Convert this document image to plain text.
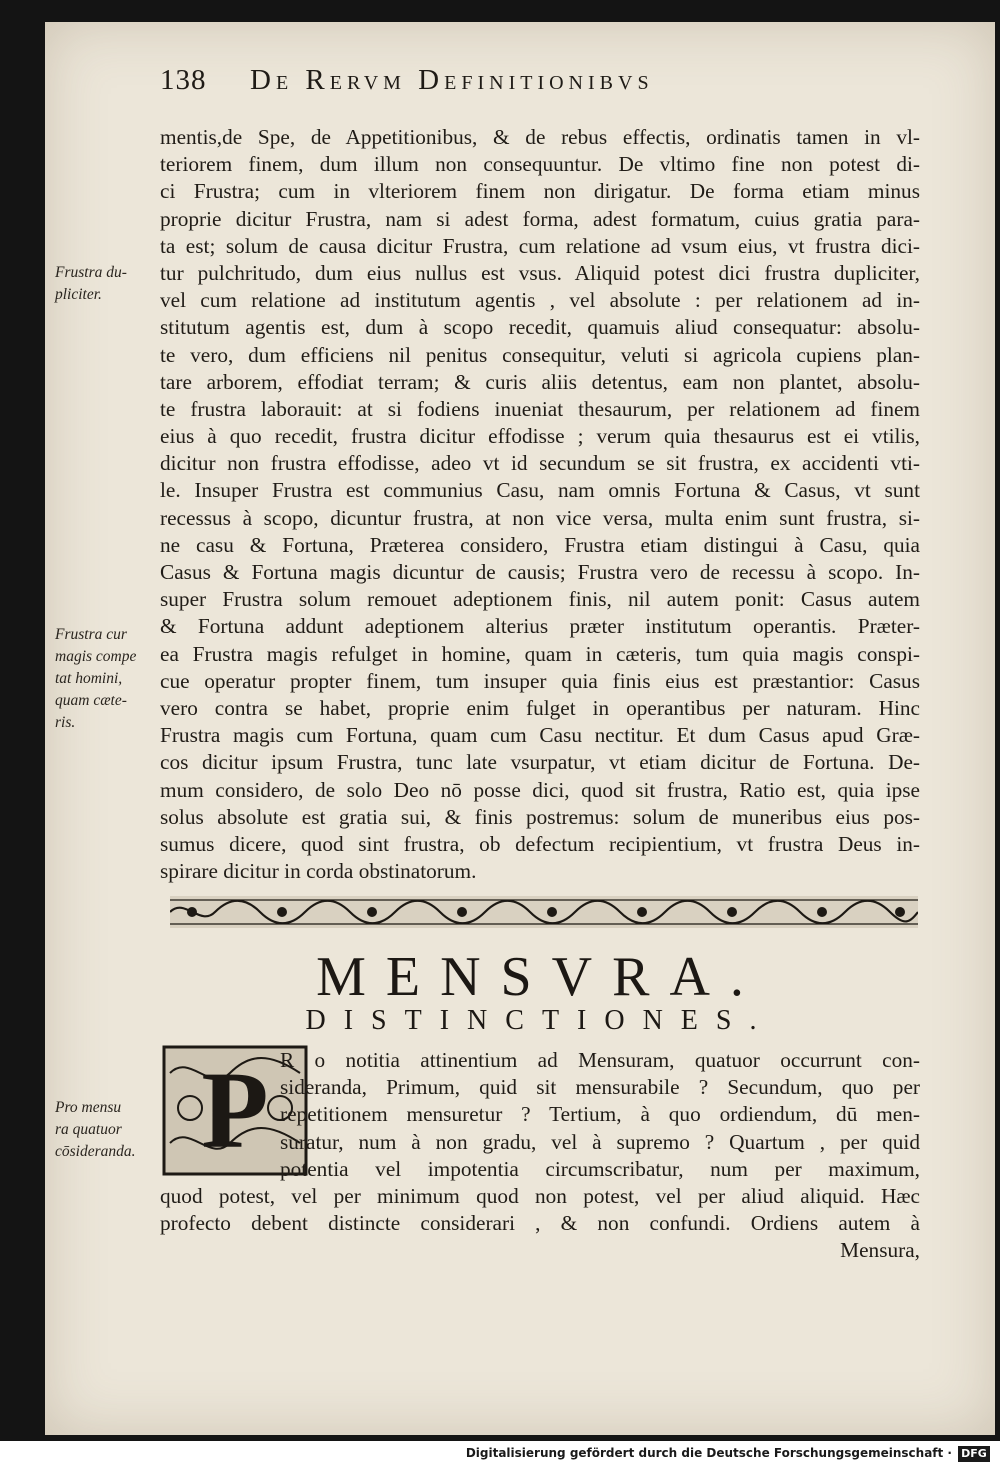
138 De Rervm Definitionibvs
mentis,de Spe, de Appetitionibus, & de rebus effectis, ordinatis tamen in vl-
teriorem finem, dum illum non consequuntur. De vltimo fine non potest di-
ci Frustra; cum in vlteriorem finem non dirigatur. De forma etiam minus
proprie dicitur Frustra, nam si adest forma, adest formatum, cuius gratia para-
ta est; solum de causa dicitur Frustra, cum relatione ad vsum eius, vt frustra dici-
tur pulchritudo, dum eius nullus est vsus. Aliquid potest dici frustra dupliciter,
vel cum relatione ad institutum agentis , vel absolute : per relationem ad in-
stitutum agentis est, dum à scopo recedit, quamuis aliud consequatur: absolu-
te vero, dum efficiens nil penitus consequitur, veluti si agricola cupiens plan-
tare arborem, effodiat terram; & curis aliis detentus, eam non plantet, absolu-
te frustra laborauit: at si fodiens inueniat thesaurum, per relationem ad finem
eius à quo recedit, frustra dicitur effodisse ; verum quia thesaurus est ei vtilis,
dicitur non frustra effodisse, adeo vt id secundum se sit frustra, ex accidenti vti-
le. Insuper Frustra est communius Casu, nam omnis Fortuna & Casus, vt sunt
recessus à scopo, dicuntur frustra, at non vice versa, multa enim sunt frustra, si-
ne casu & Fortuna, Præterea considero, Frustra etiam distingui à Casu, quia
Casus & Fortuna magis dicuntur de causis; Frustra vero de recessu à scopo. In-
super Frustra solum remouet adeptionem finis, nil autem ponit: Casus autem
& Fortuna addunt adeptionem alterius præter institutum operantis. Præter-
ea Frustra magis refulget in homine, quam in cæteris, tum quia magis conspi-
cue operatur propter finem, tum insuper quia finis eius est præstantior: Casus
vero contra se habet, proprie enim fulget in operantibus per naturam. Hinc
Frustra magis cum Fortuna, quam cum Casu nectitur. Et dum Casus apud Græ-
cos dicitur ipsum Frustra, tunc late vsurpatur, vt etiam dicitur de Fortuna. De-
mum considero, de solo Deo nō posse dici, quod sit frustra, Ratio est, quia ipse
solus absolute est gratia sui, & finis postremus: solum de muneribus eius pos-
sumus dicere, quod sint frustra, ob defectum recipientium, vt frustra Deus in-
spirare dicitur in corda obstinatorum.
Frustra du-
pliciter.
Frustra cur
magis compe
tat homini,
quam cæte-
ris.
MENSVRA.
DISTINCTIONES.
P R o notitia attinentium ad Mensuram, quatuor occurrunt con-
sideranda, Primum, quid sit mensurabile ? Secundum, quo per
repetitionem mensuretur ? Tertium, à quo ordiendum, dū men-
suratur, num à non gradu, vel à supremo ? Quartum , per quid
potentia vel impotentia circumscribatur, num per maximum,
quod potest, vel per minimum quod non potest, vel per aliud aliquid. Hæc
profecto debent distincte considerari , & non confundi. Ordiens autem à
Mensura,
Pro mensu
ra quatuor
cōsideranda.
Digitalisierung gefördert durch die Deutsche Forschungsgemeinschaft · DFG
